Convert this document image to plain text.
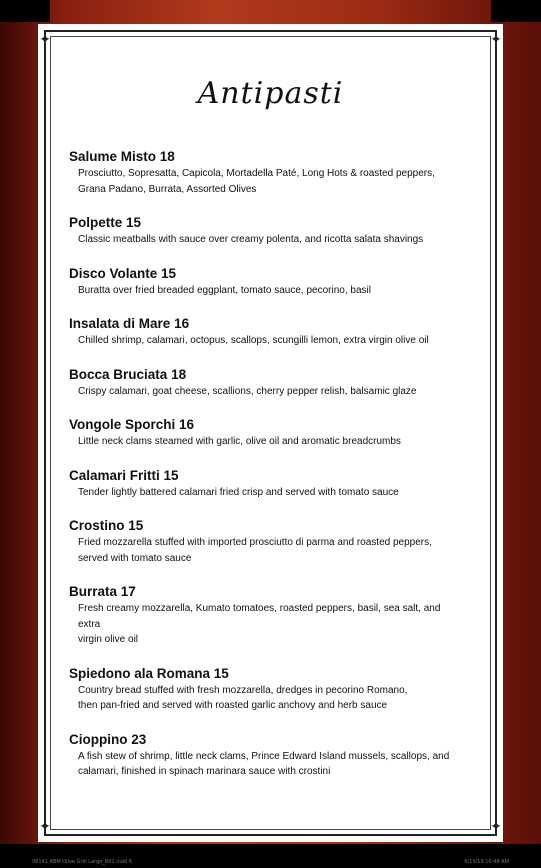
✦	✦
✦	✦
Antipasti
Salume Misto 18
Prosciutto, Sopresatta, Capicola, Mortadella Paté, Long Hots & roasted peppers,
Grana Padano, Burrata, Assorted Olives
Polpette 15
Classic meatballs with sauce over creamy polenta, and ricotta salata shavings
Disco Volante 15
Buratta over fried breaded eggplant, tomato sauce, pecorino, basil
Insalata di Mare 16
Chilled shrimp, calamari, octopus, scallops, scungilli lemon, extra virgin olive oil
Bocca Bruciata 18
Crispy calamari, goat cheese, scallions, cherry pepper relish, balsamic glaze
Vongole Sporchi 16
Little neck clams steamed with garlic, olive oil and aromatic breadcrumbs
Calamari Fritti 15
Tender lightly battered calamari fried crisp and served with tomato sauce
Crostino 15
Fried mozzarella stuffed with imported prosciutto di parma and roasted peppers,
served with tomato sauce
Burrata 17
Fresh creamy mozzarella, Kumato tomatoes, roasted peppers, basil, sea salt, and extra
virgin olive oil
Spiedono ala Romana 15
Country bread stuffed with fresh mozzarella, dredges in pecorino Romano,
then pan-fried and served with roasted garlic anchovy and herb sauce
Cioppino 23
A fish stew of shrimp, little neck clams, Prince Edward Island mussels, scallops, and
calamari, finished in spinach marinara sauce with crostini
08141 ABM Olive Grill Large_R02.indd 6	6/19/19 10:48 AM
